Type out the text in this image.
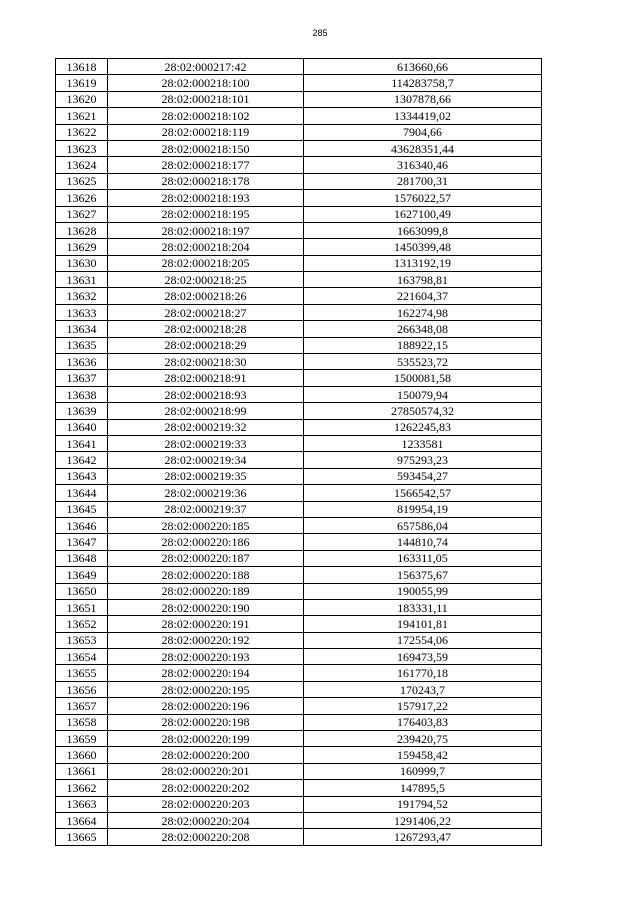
285
13618	28:02:000217:42	613660,66
13619	28:02:000218:100	114283758,7
13620	28:02:000218:101	1307878,66
13621	28:02:000218:102	1334419,02
13622	28:02:000218:119	7904,66
13623	28:02:000218:150	43628351,44
13624	28:02:000218:177	316340,46
13625	28:02:000218:178	281700,31
13626	28:02:000218:193	1576022,57
13627	28:02:000218:195	1627100,49
13628	28:02:000218:197	1663099,8
13629	28:02:000218:204	1450399,48
13630	28:02:000218:205	1313192,19
13631	28:02:000218:25	163798,81
13632	28:02:000218:26	221604,37
13633	28:02:000218:27	162274,98
13634	28:02:000218:28	266348,08
13635	28:02:000218:29	188922,15
13636	28:02:000218:30	535523,72
13637	28:02:000218:91	1500081,58
13638	28:02:000218:93	150079,94
13639	28:02:000218:99	27850574,32
13640	28:02:000219:32	1262245,83
13641	28:02:000219:33	1233581
13642	28:02:000219:34	975293,23
13643	28:02:000219:35	593454,27
13644	28:02:000219:36	1566542,57
13645	28:02:000219:37	819954,19
13646	28:02:000220:185	657586,04
13647	28:02:000220:186	144810,74
13648	28:02:000220:187	163311,05
13649	28:02:000220:188	156375,67
13650	28:02:000220:189	190055,99
13651	28:02:000220:190	183331,11
13652	28:02:000220:191	194101,81
13653	28:02:000220:192	172554,06
13654	28:02:000220:193	169473,59
13655	28:02:000220:194	161770,18
13656	28:02:000220:195	170243,7
13657	28:02:000220:196	157917,22
13658	28:02:000220:198	176403,83
13659	28:02:000220:199	239420,75
13660	28:02:000220:200	159458,42
13661	28:02:000220:201	160999,7
13662	28:02:000220:202	147895,5
13663	28:02:000220:203	191794,52
13664	28:02:000220:204	1291406,22
13665	28:02:000220:208	1267293,47
